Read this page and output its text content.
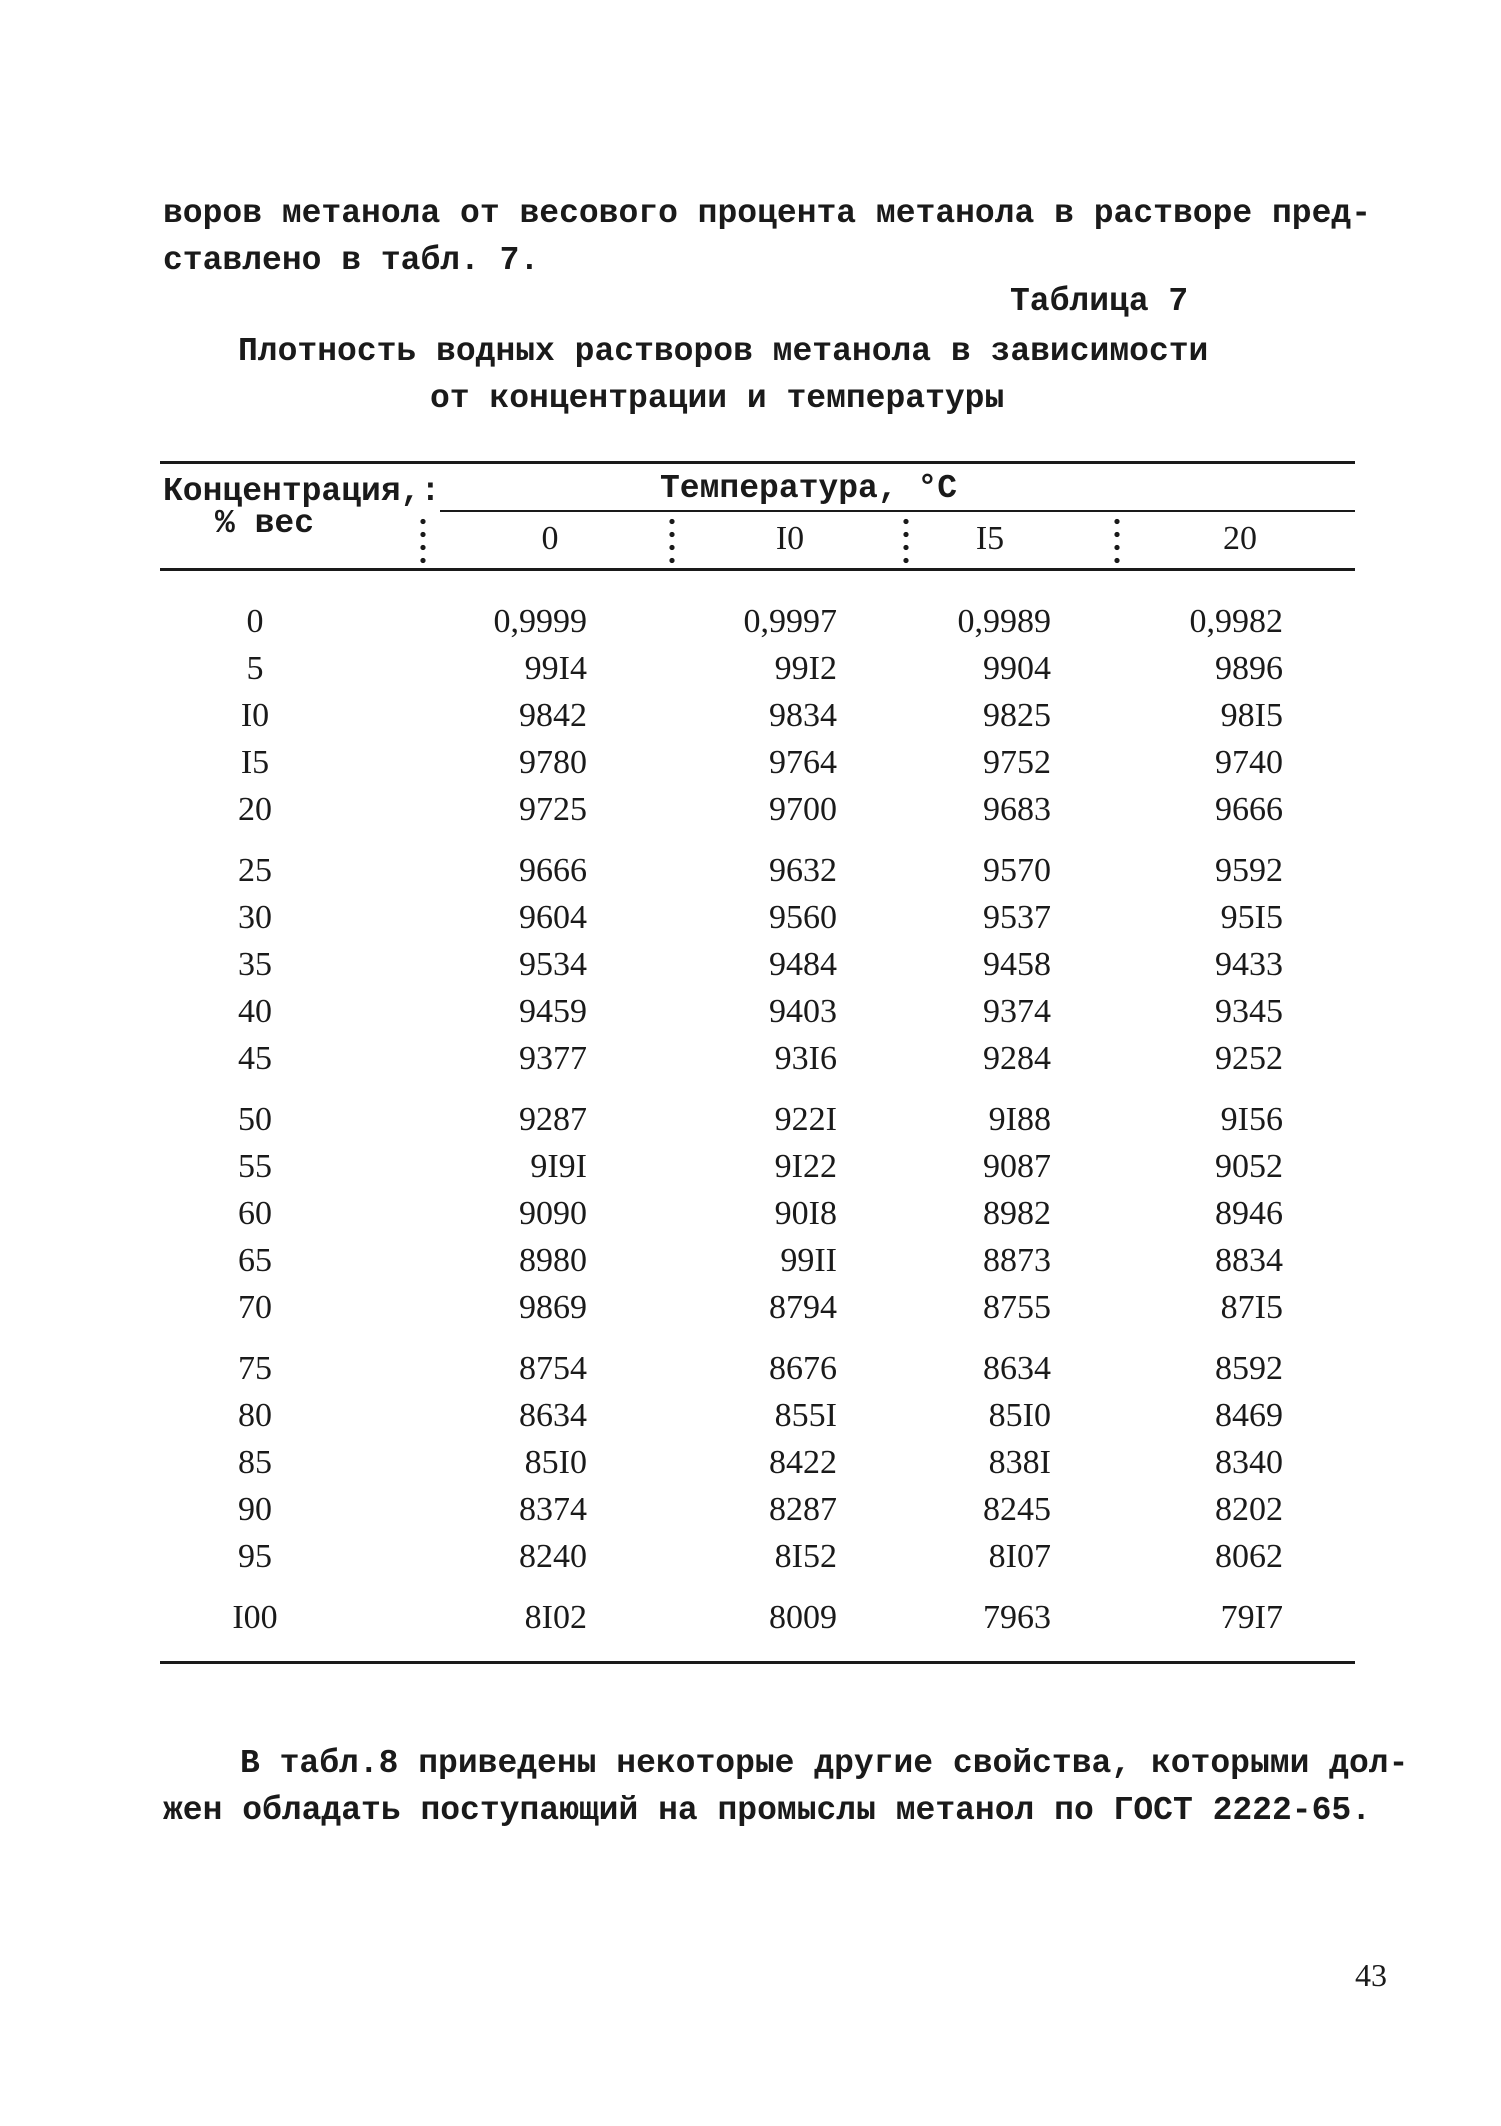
воров метанола от весового процента метанола в растворе пред-
ставлено в табл. 7.

Таблица 7
Плотность водных растворов метанола в зависимости
от концентрации и температуры
Концентрация,:
% вес
Температура, °C
0	I0	I5	20
0	0,9999	0,9997	0,9989	0,9982
5	99I4	99I2	9904	9896
I0	9842	9834	9825	98I5
I5	9780	9764	9752	9740
20	9725	9700	9683	9666
25	9666	9632	9570	9592
30	9604	9560	9537	95I5
35	9534	9484	9458	9433
40	9459	9403	9374	9345
45	9377	93I6	9284	9252
50	9287	922I	9I88	9I56
55	9I9I	9I22	9087	9052
60	9090	90I8	8982	8946
65	8980	99II	8873	8834
70	9869	8794	8755	87I5
75	8754	8676	8634	8592
80	8634	855I	85I0	8469
85	85I0	8422	838I	8340
90	8374	8287	8245	8202
95	8240	8I52	8I07	8062
I00	8I02	8009	7963	79I7

В табл.8 приведены некоторые другие свойства, которыми дол-
жен обладать поступающий на промыслы метанол по ГОСТ 2222-65.

43
